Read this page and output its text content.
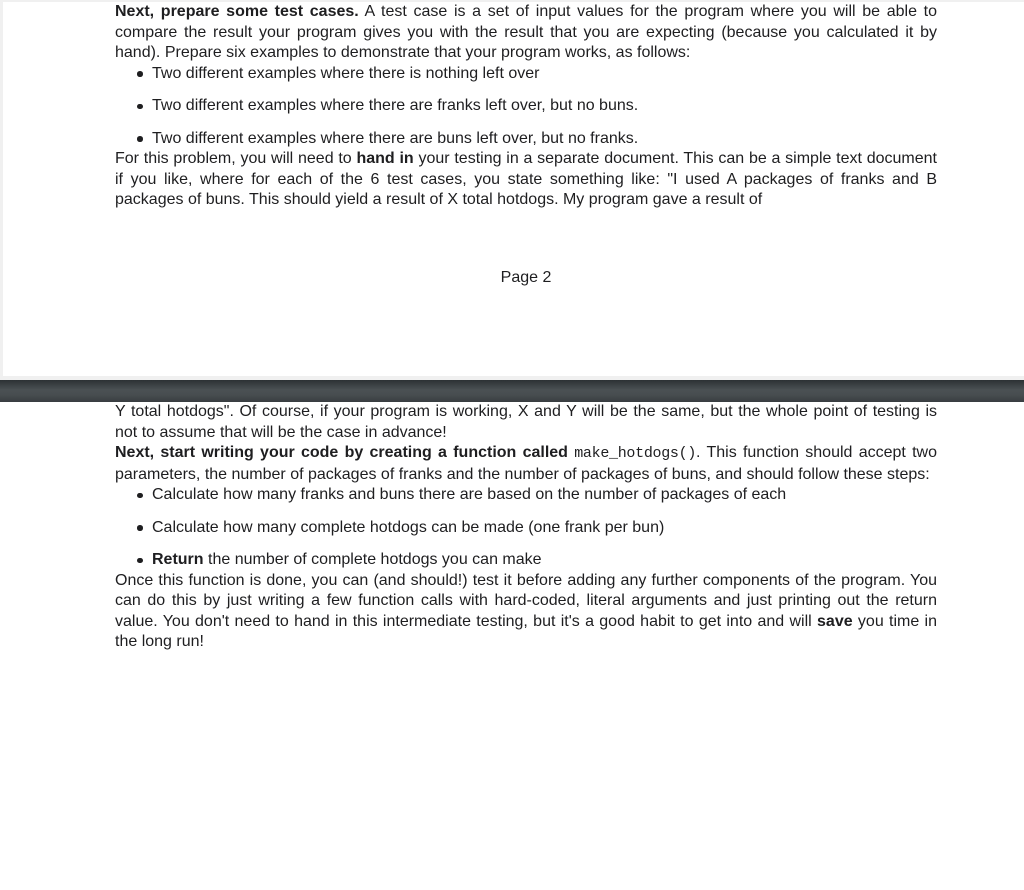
Next, prepare some test cases. A test case is a set of input values for the program where you will be able to compare the result your program gives you with the result that you are expecting (because you calculated it by hand). Prepare six examples to demonstrate that your program works, as follows:

Two different examples where there is nothing left over
Two different examples where there are franks left over, but no buns.
Two different examples where there are buns left over, but no franks.

For this problem, you will need to hand in your testing in a separate document. This can be a simple text document if you like, where for each of the 6 test cases, you state something like: "I used A packages of franks and B packages of buns. This should yield a result of X total hotdogs. My program gave a result of

Page 2

Y total hotdogs". Of course, if your program is working, X and Y will be the same, but the whole point of testing is not to assume that will be the case in advance!

Next, start writing your code by creating a function called make_hotdogs(). This function should accept two parameters, the number of packages of franks and the number of packages of buns, and should follow these steps:

Calculate how many franks and buns there are based on the number of packages of each
Calculate how many complete hotdogs can be made (one frank per bun)
Return the number of complete hotdogs you can make

Once this function is done, you can (and should!) test it before adding any further components of the program. You can do this by just writing a few function calls with hard-coded, literal arguments and just printing out the return value. You don't need to hand in this intermediate testing, but it's a good habit to get into and will save you time in the long run!
